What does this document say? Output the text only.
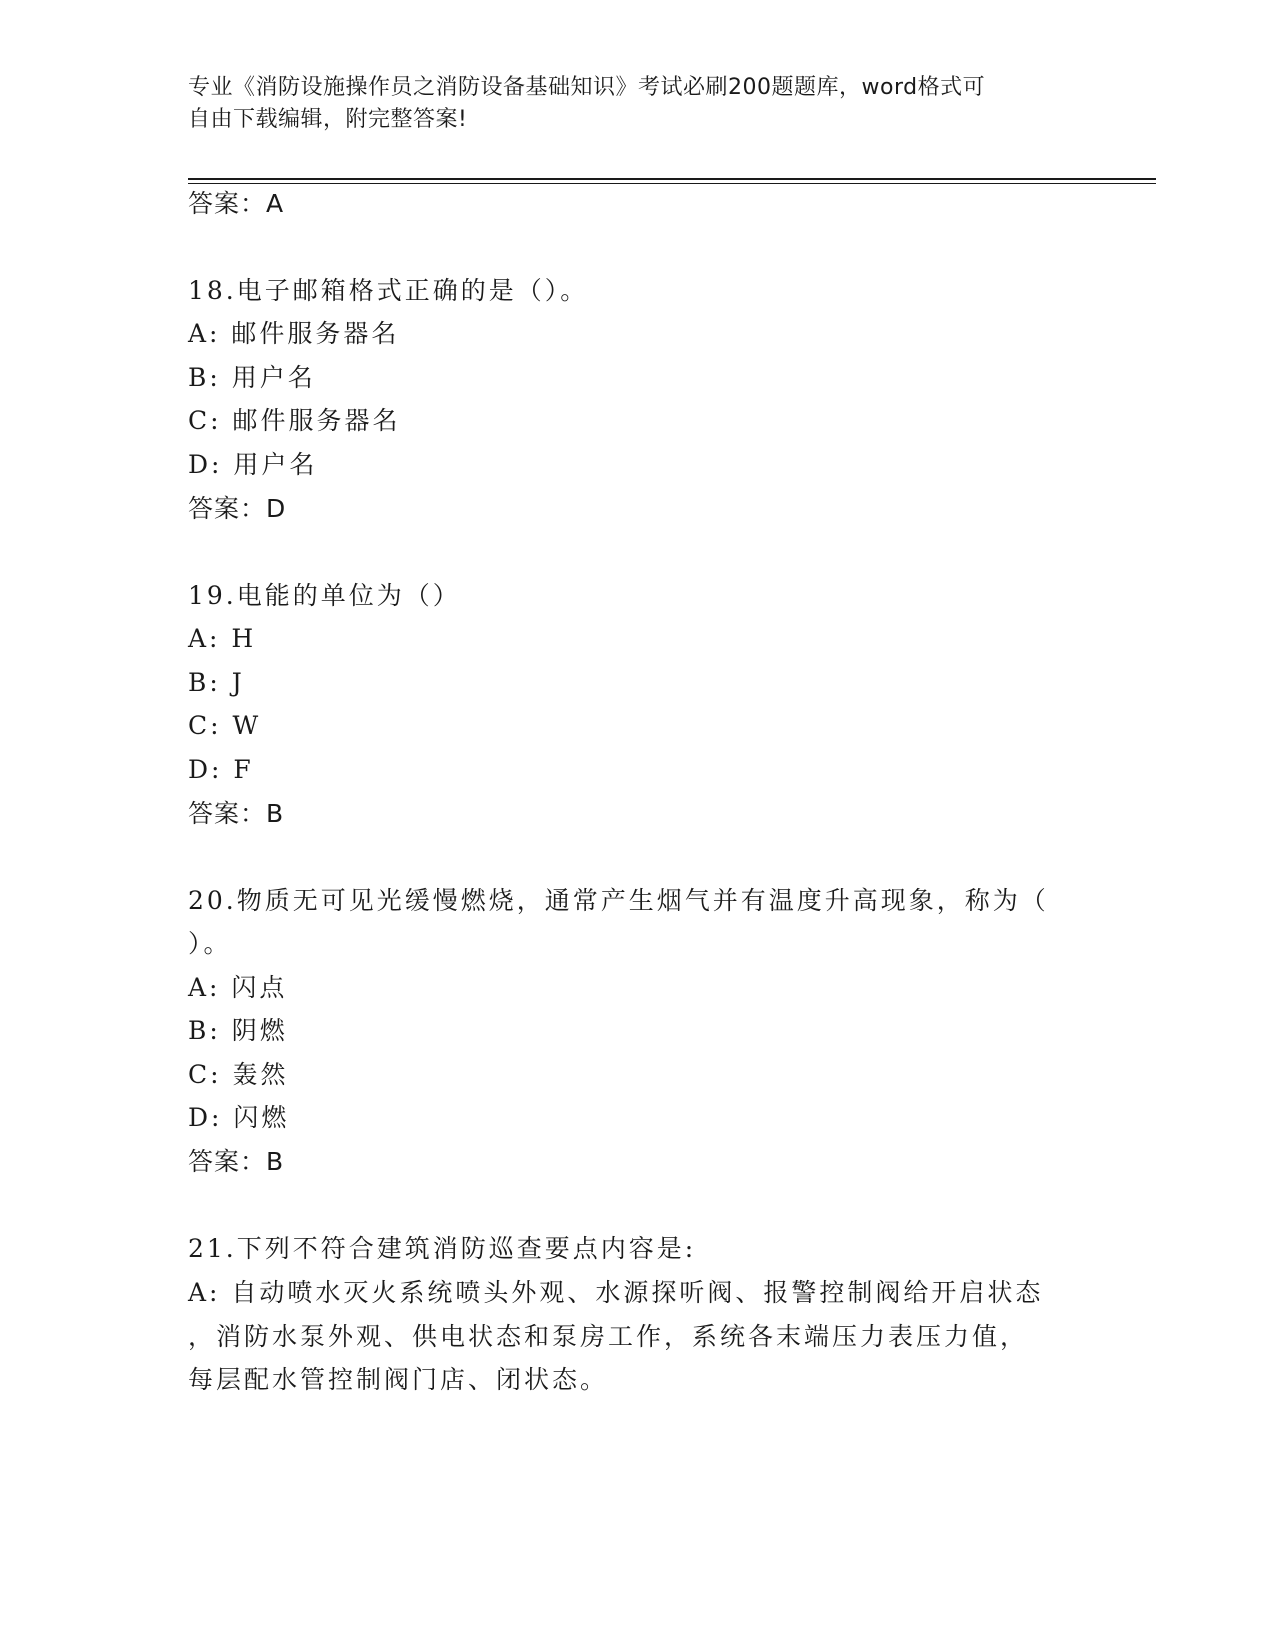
专业《消防设施操作员之消防设备基础知识》考试必刷200题题库，word格式可
自由下载编辑，附完整答案!
答案：A
18.电子邮箱格式正确的是（）。
A: 邮件服务器名
B: 用户名
C: 邮件服务器名
D: 用户名
答案：D
19.电能的单位为（）
A: H
B: J
C: W
D: F
答案：B
20.物质无可见光缓慢燃烧，通常产生烟气并有温度升高现象，称为（
）。
A: 闪点
B: 阴燃
C: 轰然
D: 闪燃
答案：B
21.下列不符合建筑消防巡查要点内容是:
A: 自动喷水灭火系统喷头外观、水源探听阀、报警控制阀给开启状态
，消防水泵外观、供电状态和泵房工作，系统各末端压力表压力值，
每层配水管控制阀门店、闭状态。
